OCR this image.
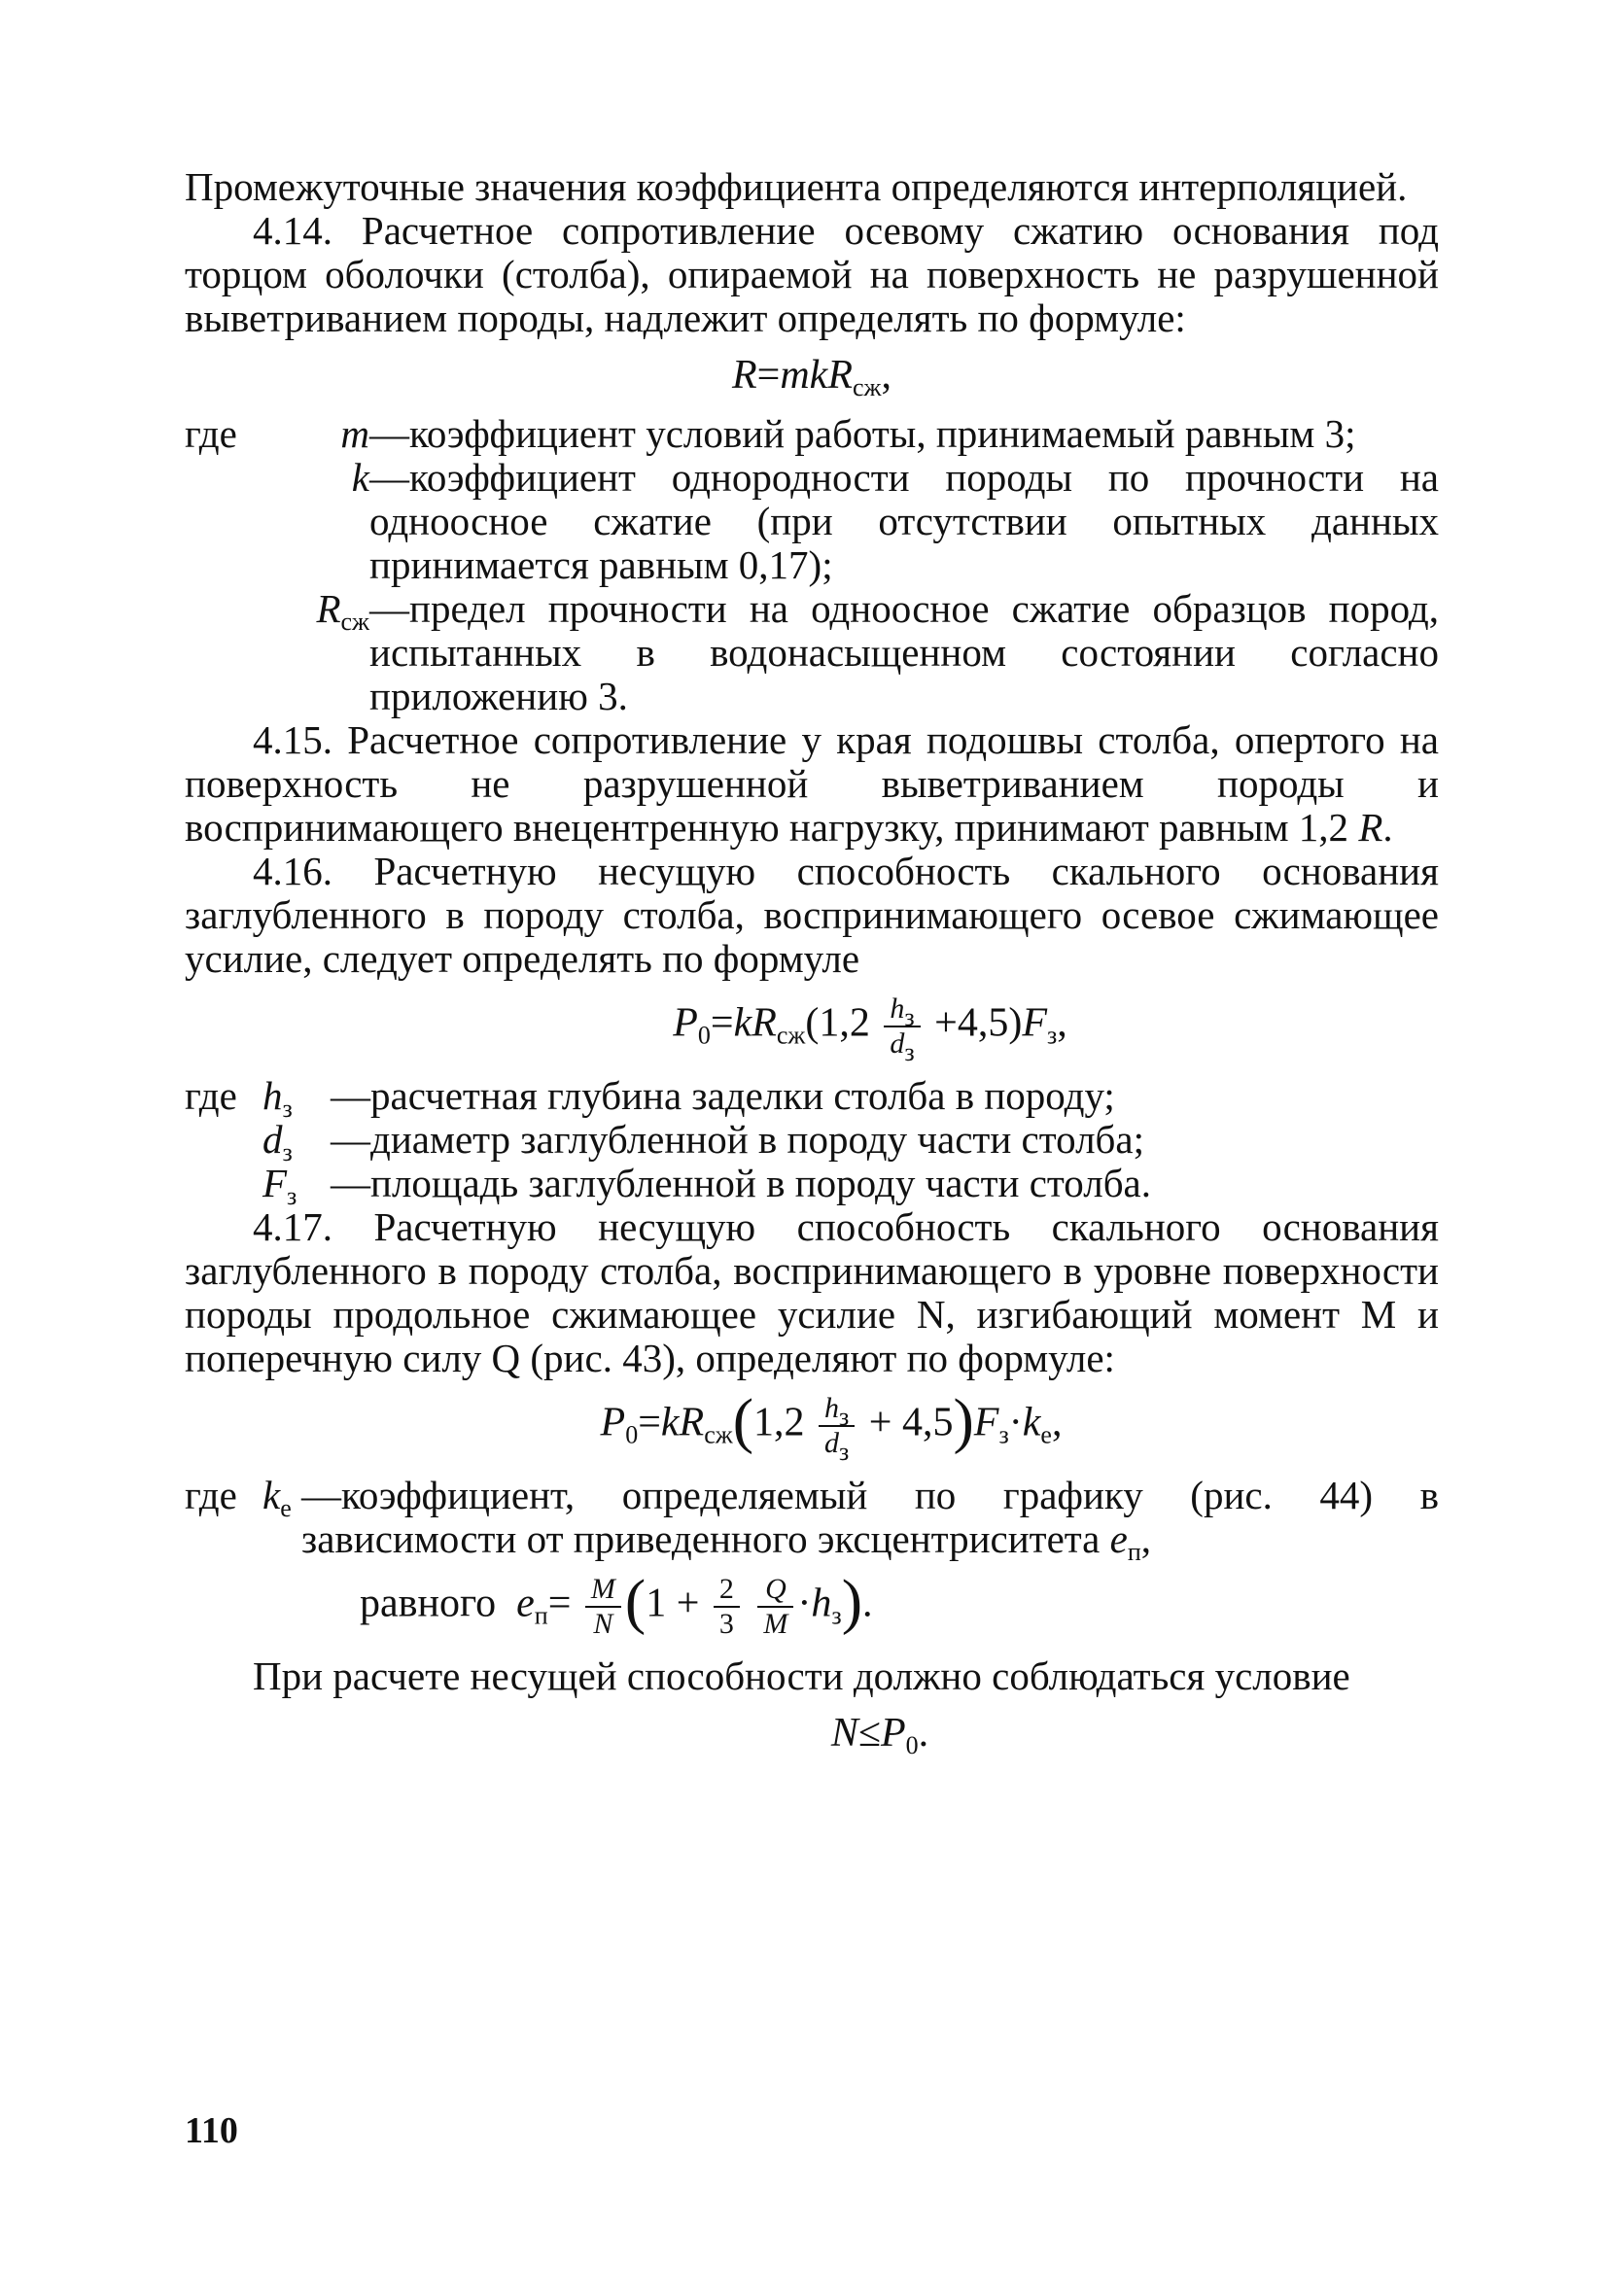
Промежуточные значения коэффициента определяются интерполяцией.

4.14. Расчетное сопротивление осевому сжатию основания под торцом оболочки (столба), опираемой на поверхность не разрушенной выветриванием породы, надлежит определять по формуле:

R=mkR$_{сж}$,
где	m —коэффициент условий работы, принимаемый равным 3;
k —коэффициент однородности породы по прочности на одноосное сжатие (при отсутствии опытных данных принимается равным 0,17);
$R_{сж}$ —предел прочности на одноосное сжатие образцов пород, испытанных в водонасыщенном состоянии согласно приложению 3.

4.15. Расчетное сопротивление у края подошвы столба, опертого на поверхность не разрушенной выветриванием породы и воспринимающего внецентренную нагрузку, принимают равным 1,2 R.

4.16. Расчетную несущую способность скального основания заглубленного в породу столба, воспринимающего осевое сжимающее усилие, следует определять по формуле

$P_0=kR_{сж}(1,2 \frac{h_з}{d_з} +4,5)F_з$,
где $h_з$ —расчетная глубина заделки столба в породу;
$d_з$ —диаметр заглубленной в породу части столба;
$F_з$ —площадь заглубленной в породу части столба.

4.17. Расчетную несущую способность скального основания заглубленного в породу столба, воспринимающего в уровне поверхности породы продольное сжимающее усилие N, изгибающий момент M и поперечную силу Q (рис. 43), определяют по формуле:

$P_0=kR_{сж}(1,2 \frac{h_з}{d_з} + 4,5)F_з\cdot k_e$,
где $k_e$ —коэффициент, определяемый по графику (рис. 44) в зависимости от приведенного эксцентриситета $e_п$,
равного $e_п= \frac{M}{N} (1 + \frac{2}{3}$
$\frac{Q}{M} \cdot h_з$).

При расчете несущей способности должно соблюдаться условие

$N\le P_0$.
110
